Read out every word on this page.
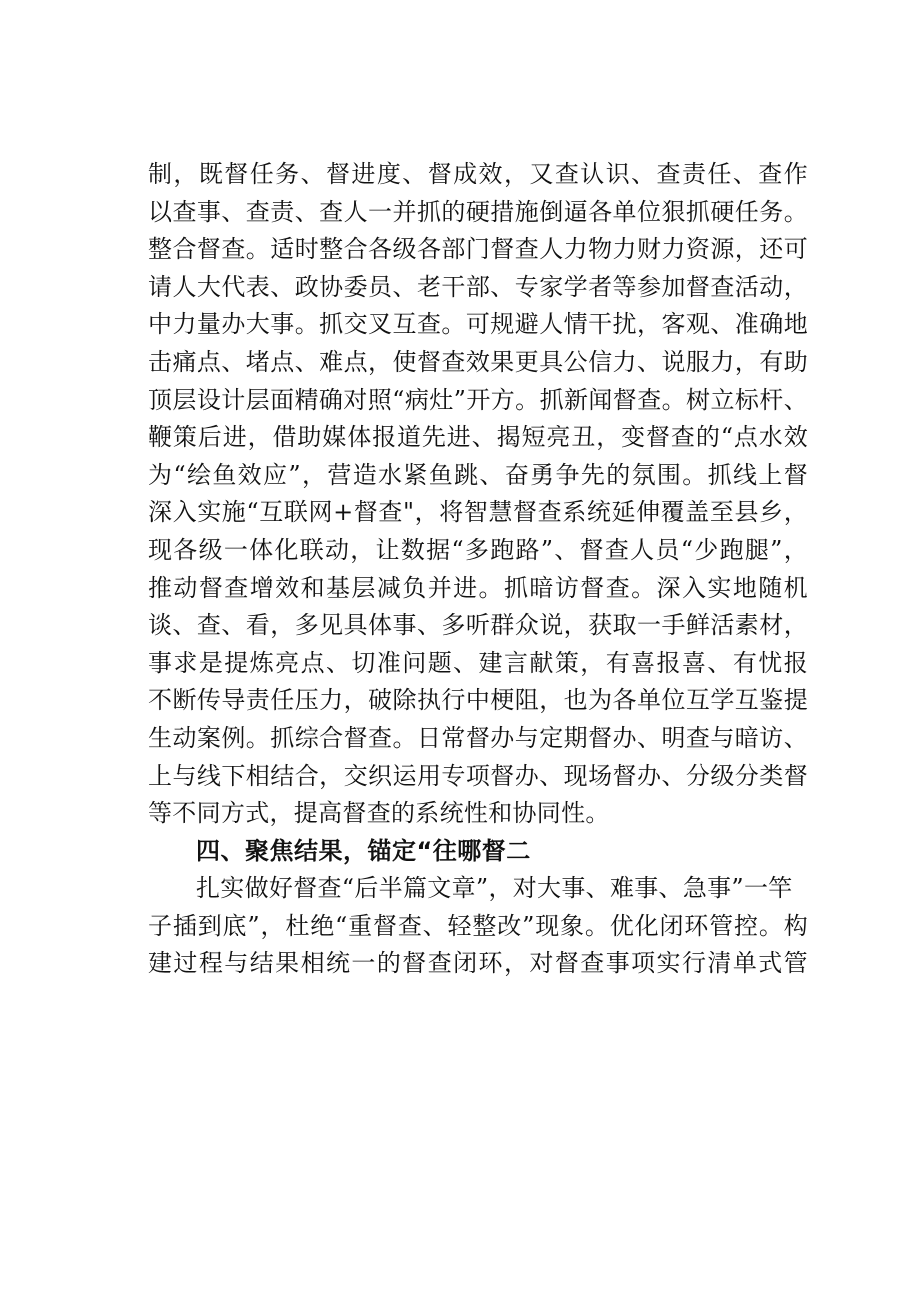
制，既督任务、督进度、督成效，又查认识、查责任、查作
以查事、查责、查人一并抓的硬措施倒逼各单位狠抓硬任务。
整合督查。适时整合各级各部门督查人力物力财力资源，还可
请人大代表、政协委员、老干部、专家学者等参加督查活动，
中力量办大事。抓交叉互查。可规避人情干扰，客观、准确地
击痛点、堵点、难点，使督查效果更具公信力、说服力，有助
顶层设计层面精确对照“病灶”开方。抓新闻督查。树立标杆、
鞭策后进，借助媒体报道先进、揭短亮丑，变督查的“点水效
为“绘鱼效应”，营造水紧鱼跳、奋勇争先的氛围。抓线上督
深入实施“互联网+督查"，将智慧督查系统延伸覆盖至县乡，
现各级一体化联动，让数据“多跑路”、督查人员“少跑腿”，
推动督查增效和基层减负并进。抓暗访督查。深入实地随机
谈、查、看，多见具体事、多听群众说，获取一手鲜活素材，
事求是提炼亮点、切准问题、建言献策，有喜报喜、有忧报
不断传导责任压力，破除执行中梗阻，也为各单位互学互鉴提
生动案例。抓综合督查。日常督办与定期督办、明查与暗访、
上与线下相结合，交织运用专项督办、现场督办、分级分类督
等不同方式，提高督查的系统性和协同性。
四、聚焦结果，锚定“往哪督二
扎实做好督查“后半篇文章”，对大事、难事、急事”一竿
子插到底”，杜绝“重督查、轻整改”现象。优化闭环管控。构
建过程与结果相统一的督查闭环，对督查事项实行清单式管
